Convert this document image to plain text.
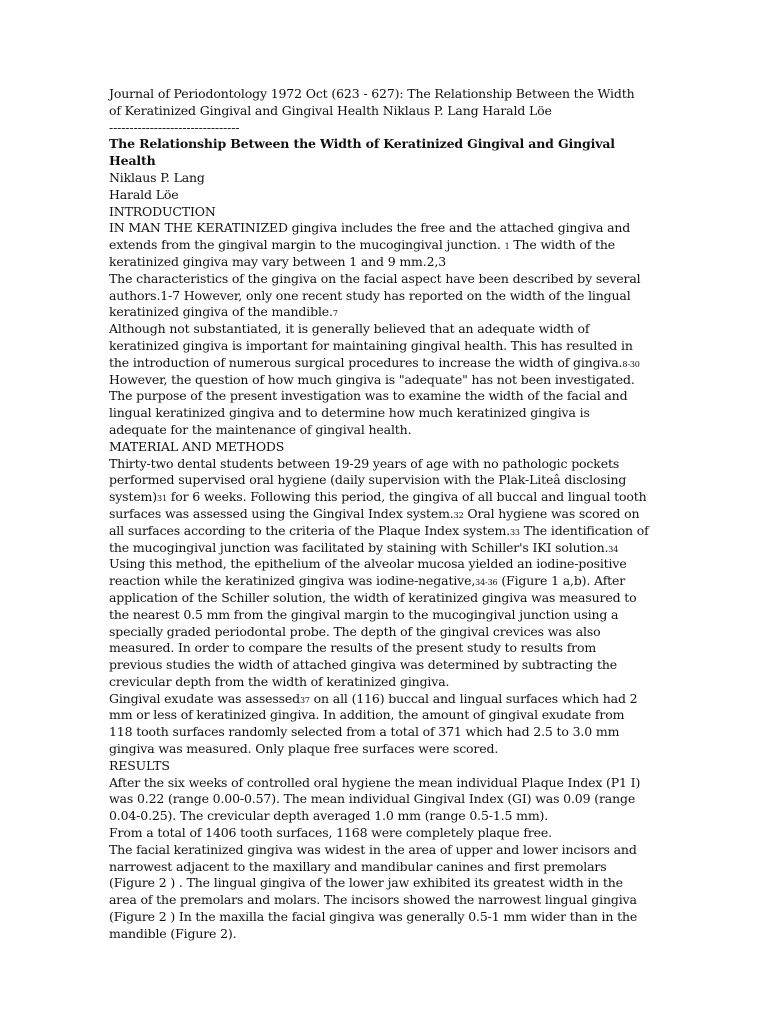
Journal of Periodontology 1972 Oct (623 - 627): The Relationship Between the Width

of Keratinized Gingival and Gingival Health Niklaus P. Lang Harald Löe

--------------------------------

The Relationship Between the Width of Keratinized Gingival and Gingival Health

Niklaus P. Lang

Harald Löe

INTRODUCTION

IN MAN THE KERATINIZED gingiva includes the free and the attached gingiva and extends from the gingival margin to the mucogingival junction. 1 The width of the keratinized gingiva may vary between 1 and 9 mm.2,3

The characteristics of the gingiva on the facial aspect have been described by several authors.1-7 However, only one recent study has reported on the width of the lingual keratinized gingiva of the mandible.7

Although not substantiated, it is generally believed that an adequate width of keratinized gingiva is important for maintaining gingival health. This has resulted in the introduction of numerous surgical procedures to increase the width of gingiva.8-30

However, the question of how much gingiva is "adequate" has not been investigated.

The purpose of the present investigation was to examine the width of the facial and lingual keratinized gingiva and to determine how much keratinized gingiva is adequate for the maintenance of gingival health.

MATERIAL AND METHODS

Thirty-two dental students between 19-29 years of age with no pathologic pockets performed supervised oral hygiene (daily supervision with the Plak-Liteâ disclosing system)31 for 6 weeks. Following this period, the gingiva of all buccal and lingual tooth surfaces was assessed using the Gingival Index system.32 Oral hygiene was scored on all surfaces according to the criteria of the Plaque Index system.33 The identification of the mucogingival junction was facilitated by staining with Schiller's IKI solution.34 Using this method, the epithelium of the alveolar mucosa yielded an iodine-positive reaction while the keratinized gingiva was iodine-negative,34-36 (Figure 1 a,b). After application of the Schiller solution, the width of keratinized gingiva was measured to the nearest 0.5 mm from the gingival margin to the mucogingival junction using a specially graded periodontal probe. The depth of the gingival crevices was also measured. In order to compare the results of the present study to results from previous studies the width of attached gingiva was determined by subtracting the crevicular depth from the width of keratinized gingiva.

Gingival exudate was assessed37 on all (116) buccal and lingual surfaces which had 2 mm or less of keratinized gingiva. In addition, the amount of gingival exudate from 118 tooth surfaces randomly selected from a total of 371 which had 2.5 to 3.0 mm gingiva was measured. Only plaque free surfaces were scored.

RESULTS

After the six weeks of controlled oral hygiene the mean individual Plaque Index (P1 I) was 0.22 (range 0.00-0.57). The mean individual Gingival Index (GI) was 0.09 (range 0.04-0.25). The crevicular depth averaged 1.0 mm (range 0.5-1.5 mm).

From a total of 1406 tooth surfaces, 1168 were completely plaque free.

The facial keratinized gingiva was widest in the area of upper and lower incisors and narrowest adjacent to the maxillary and mandibular canines and first premolars (Figure 2 ) . The lingual gingiva of the lower jaw exhibited its greatest width in the area of the premolars and molars. The incisors showed the narrowest lingual gingiva (Figure 2 ) In the maxilla the facial gingiva was generally 0.5-1 mm wider than in the mandible (Figure 2).
